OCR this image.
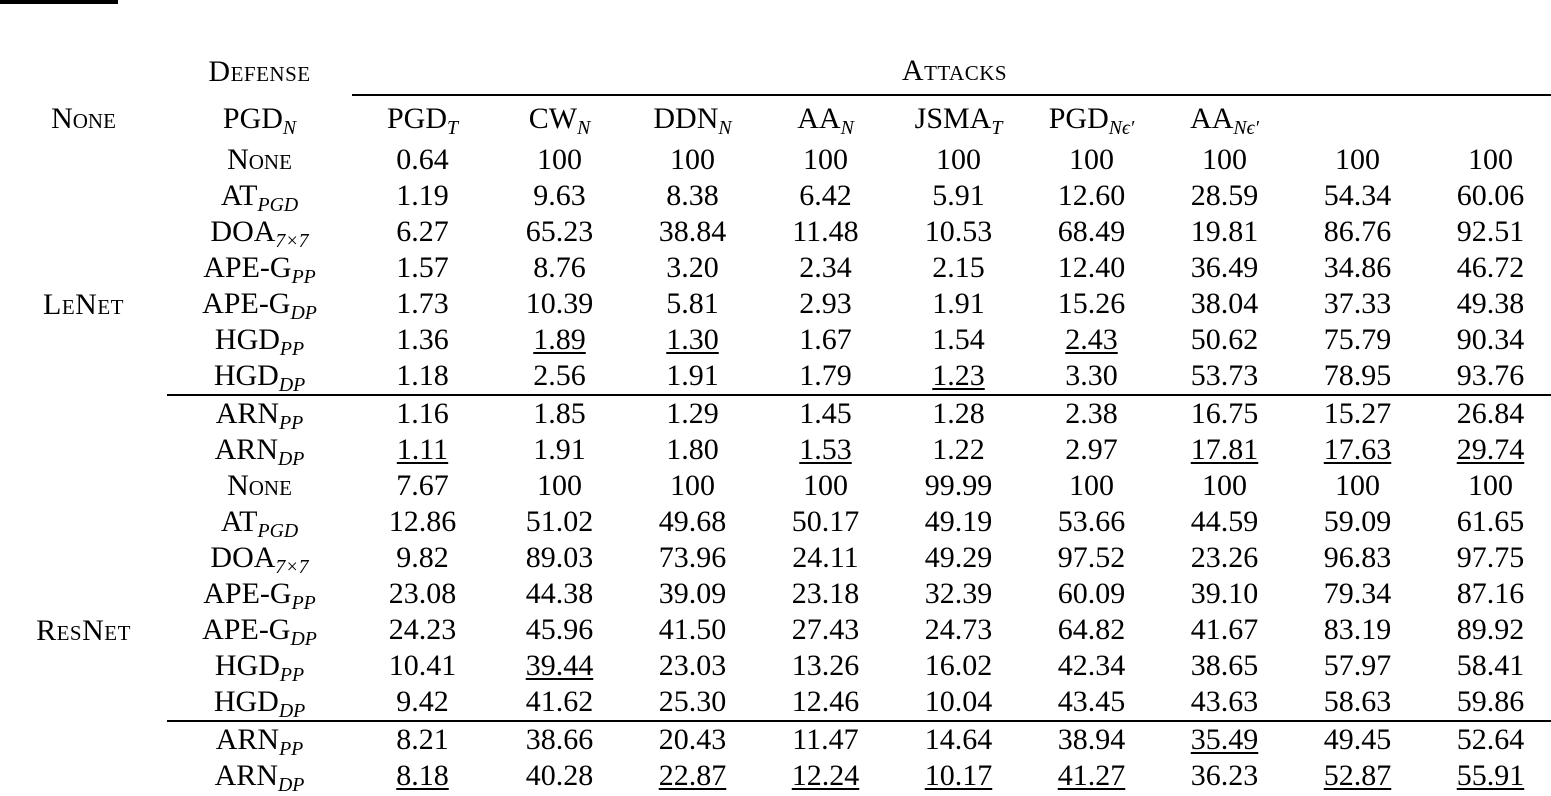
	Defense	Attacks								

None	$PGD_N$	$PGD_T$	$CW_N$	$DDN_N$	$AA_N$	$JSMA_T$	$PGD_{N\epsilon'}$	$AA_{N\epsilon'}$

LeNet	None	0.64	100	100	100	100	100	100	100	100
	$AT_{PGD}$	1.19	9.63	8.38	6.42	5.91	12.60	28.59	54.34	60.06
	$DOA_{7\times 7}$	6.27	65.23	38.84	11.48	10.53	68.49	19.81	86.76	92.51
	APE-$G_{PP}$	1.57	8.76	3.20	2.34	2.15	12.40	36.49	34.86	46.72
	APE-$G_{DP}$	1.73	10.39	5.81	2.93	1.91	15.26	38.04	37.33	49.38
	$HGD_{PP}$	1.36	1.89	1.30	1.67	1.54	2.43	50.62	75.79	90.34
	$HGD_{DP}$	1.18	2.56	1.91	1.79	1.23	3.30	53.73	78.95	93.76

	$ARN_{PP}$	1.16	1.85	1.29	1.45	1.28	2.38	16.75	15.27	26.84
	$ARN_{DP}$	1.11	1.91	1.80	1.53	1.22	2.97	17.81	17.63	29.74

ResNet	None	7.67	100	100	100	99.99	100	100	100	100
	$AT_{PGD}$	12.86	51.02	49.68	50.17	49.19	53.66	44.59	59.09	61.65
	$DOA_{7\times 7}$	9.82	89.03	73.96	24.11	49.29	97.52	23.26	96.83	97.75
	APE-$G_{PP}$	23.08	44.38	39.09	23.18	32.39	60.09	39.10	79.34	87.16
	APE-$G_{DP}$	24.23	45.96	41.50	27.43	24.73	64.82	41.67	83.19	89.92
	$HGD_{PP}$	10.41	39.44	23.03	13.26	16.02	42.34	38.65	57.97	58.41
	$HGD_{DP}$	9.42	41.62	25.30	12.46	10.04	43.45	43.63	58.63	59.86

	$ARN_{PP}$	8.21	38.66	20.43	11.47	14.64	38.94	35.49	49.45	52.64
	$ARN_{DP}$	8.18	40.28	22.87	12.24	10.17	41.27	36.23	52.87	55.91
